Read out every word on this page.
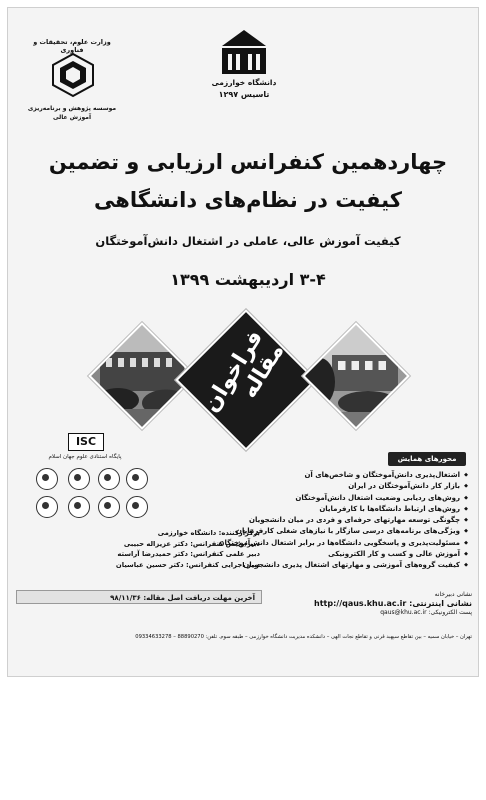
وزارت علوم، تحقیقات و فناوری
موسسه پژوهش و برنامه‌ریزی آموزش عالی
دانشگاه خوارزمی
تاسیس ۱۲۹۷
چهاردهمین کنفرانس ارزیابی و تضمین
کیفیت در نظام‌های دانشگاهی
کیفیت آموزش عالی، عاملی در اشتغال دانش‌آموختگان
۳-۴ اردیبهشت ۱۳۹۹
فراخوان مقاله
ISC
پایگاه استنادی علوم جهان اسلام	محورهای همایش
◆ اشتغال‌پذیری دانش‌آموختگان و شاخص‌های آن
◆ بازار کار دانش‌آموختگان در ایران
◆ روش‌های ردیابی وضعیت اشتغال دانش‌آموختگان
◆ روش‌های ارتباط دانشگاه‌ها با کارفرمایان
◆ چگونگی توسعه مهارتهای حرفه‌ای و فردی در میان دانشجویان
◆ ویژگی‌های برنامه‌های درسی سازگار با نیازهای شغلی کارفرمایان
◆ مسئولیت‌پذیری و پاسخگویی دانشگاه‌ها در برابر اشتغال دانش‌آموختگان
◆ آموزش عالی و کسب و کار الکترونیکی
◆ کیفیت گروه‌های آموزشی و مهارتهای اشتغال پذیری دانشجویان
برگزارکننده: دانشگاه خوارزمی
دبیر/رئیس کنفرانس: دکتر عزیزاله حبیبی
دبیر علمی کنفرانس: دکتر حمیدرضا آراسته
دبیر اجرایی کنفرانس: دکتر حسین عباسیان
آخرین مهلت دریافت اصل مقاله: ۹۸/۱۱/۳۶	نشانی دبیرخانه
نشانی اینترنتی: http://qaus.khu.ac.ir
پست الکترونیکی: qaus@khu.ac.ir
تهران – خیابان سمیه – بین تقاطع سپهبد قرنی و تقاطع نجات الهی – دانشکده مدیریت دانشگاه خوارزمی – طبقه سوم. تلفن: 88890270 – 09334633278
